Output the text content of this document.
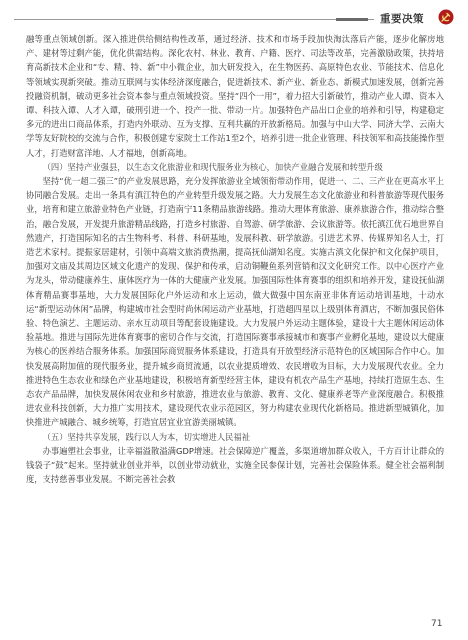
重要决策

融等重点领域创新。深入推进供给侧结构性改革，通过经济、技术和市场手段加快淘汰落后产能，逐步化解房地产、建材等过剩产能，优化供需结构。深化农村、林业、教育、户籍、医疗、司法等改革，完善激励政策，扶持培育高新技术企业和“专、精、特、新”中小微企业，加大研发投入，在生物医药、高原特色农业、节能技术、信息化等领域实现新突破。推动互联网与实体经济深度融合，促进新技术、新产业、新业态、新模式加速发展，创新完善投融资机制，破动更多社会资本参与重点领域投资。坚持“四个一用”，着力招大引新破竹，推动产业人谭、资本入谭、科技入谭、人才入谭，破刑引进一个、投产一批、带动一片。加强特色产品出口企业的培养和引导，构建稳定多元的进出口商品体系，打造内外联动、互为支撑、互利共赢的开放新格局。加强与中山大学、同济大学、云南大学等友好院校的交流与合作，积极创建专家院士工作站1至2个，培养引进一批企业管理、科技领军和高技能操作型人才，打造财富洋地、人才福地，创新高地。

（四）坚持产业强县，以生态文化旅游业和现代服务业为核心，加快产业融合发展和转型升级

坚持“优一超二强三”的产业发展思路，充分发挥旅游业全域领衔带动作用，促进一、二、三产业在更高水平上协同融合发展。走出一条具有滇江特色的产业转型升级发展之路。大力发展生态文化旅游业和科普旅游等现代服务业，培育和建立旅游业特色产业链，打造南宁11条精品旅游线路。推动大理体育旅游、康养旅游合作，推动综合整治，融合发展，开发提升旅游精品线路，打造乡村旅游、自驾游、研学旅游、会议旅游等。依托滇江优石地世界自然遗产，打造国际知名的古生物科考、科普、科研基地，发展科教、研学旅游。引进艺术界、传媒界知名人士，打造艺术家村。提振家居建材，引领中高端文旅消费热潮，提高抚仙湖知名度。实施古滇文化保护和文化保护项目，加强对文庙及其周边区域文化遗产的发现、保护和传承，启动铜鞭鱼系列营销和汉文化研究工作。以中心医疗产业为龙头，带动健康养生、康体医疗为一体的大健康产业发展。加强国际性体育赛事的组织和培养开发，建设抚仙湖体育精品赛事基地，大力发展国际化户外运动和水上运动，做大做强中国东南亚非体育运动培训基地，十动水运“新型运动休闲”品牌，构建城市社会型时尚休闲运动产业基地，打造超四星以上级别体育酒店，不断加强民俗体验、特色演艺、主题运动、亲水互动项目等配套设施建设。大力发展户外运动主题体验，建设十大主题休闲运动体验基地。推进与国际先进体育赛事的密切合作与交流，打造国际赛事承接城市和赛事产业孵化基地，建设以大健康为核心的医养结合服务体系。加强国际商贸服务体系建设，打造具有开放型经济示范特色的区域国际合作中心。加快发展高附加值的现代服务业，提升城乡商贸流通，以农业提质增效、农民增收为目标，大力发展现代农业。全力推进特色生态农业和绿色产业基地建设，积极培育新型经营主体，建设有机农产品生产基地，持续打造原生态、生态农产品品牌，加快发展休闲农业和乡村旅游，推进农业与旅游、教育、文化、健康养老等产业深度融合。积极推进农业科技创新，大力推广实用技术，建设现代农业示范园区，努力构建农业现代化新格局。推进新型城镇化，加快推进产城融合、城乡统筹，打造宜居宜业宜游美丽城镇。

（五）坚持共享发展，践行以人为本，切实增进人民福祉

办事遍塑社会事业，让幸福溢散溢满GDP增速。社会保障逆广覆盖，多渠道增加群众收入，千方百计让群众的钱袋子“鼓”起来。坚持就业创业并举，以创业带动就业，实施全民参保计划，完善社会保险体系。健全社会福利制度，支持慈善事业发展。不断完善社会救

71
